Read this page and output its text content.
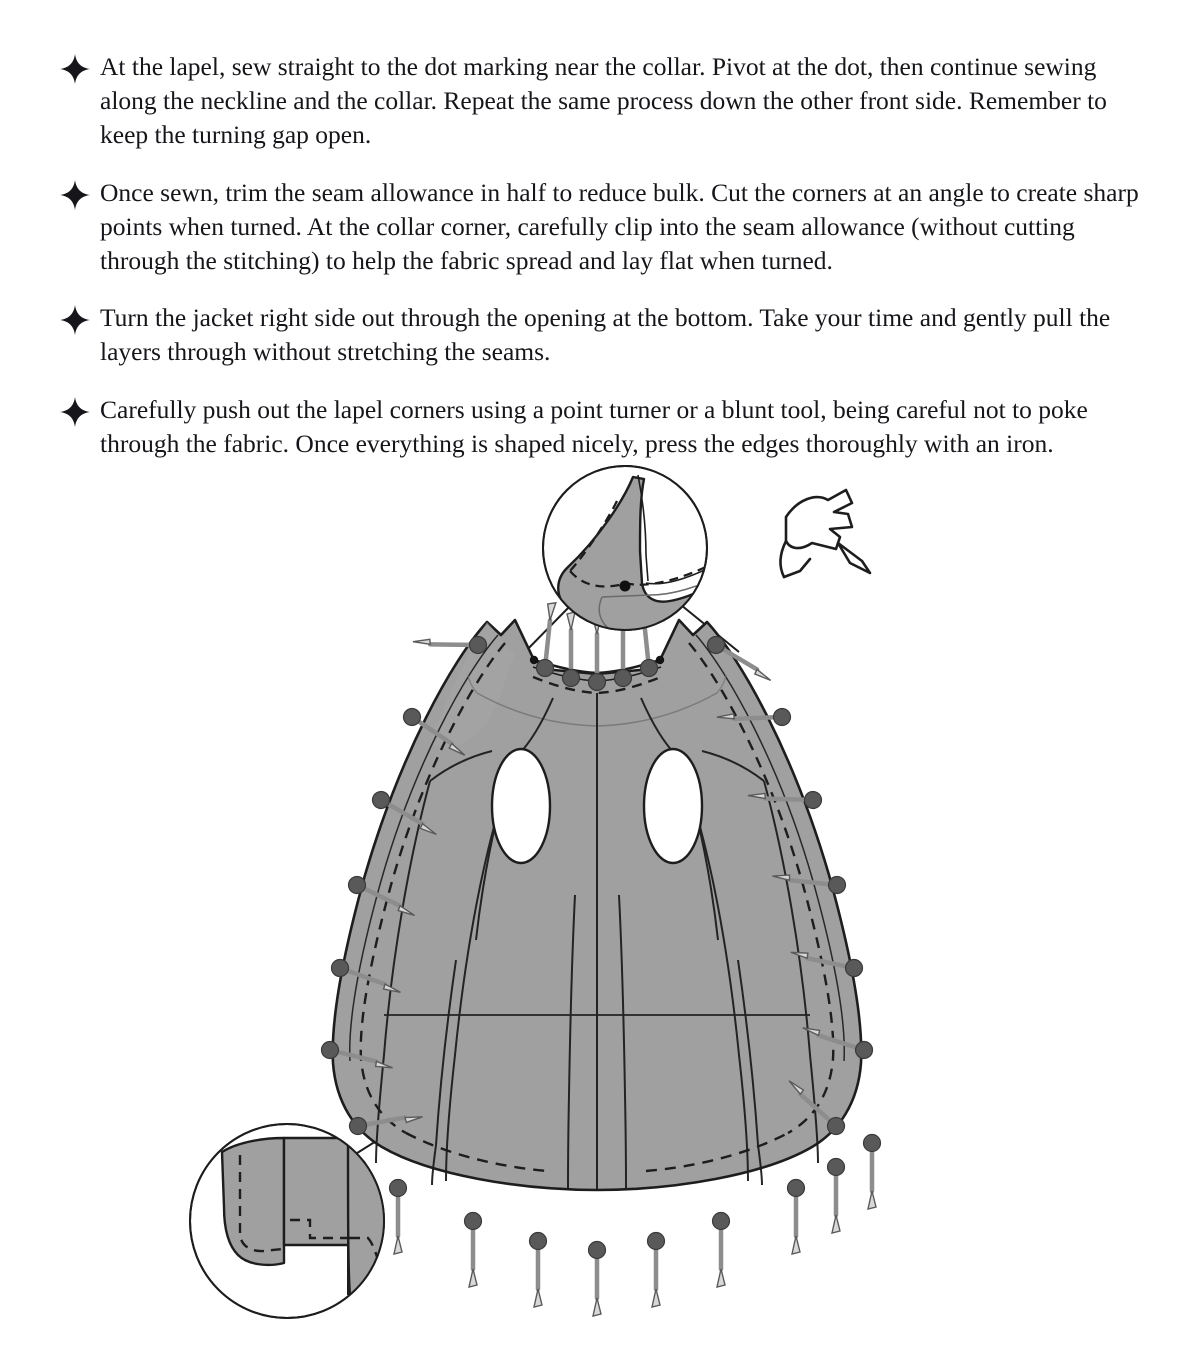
At the lapel, sew straight to the dot marking near the collar. Pivot at the dot, then continue sewing along the neckline and the collar. Repeat the same process down the other front side. Remember to keep the turning gap open.
Once sewn, trim the seam allowance in half to reduce bulk. Cut the corners at an angle to create sharp points when turned. At the collar corner, carefully clip into the seam allowance (without cutting through the stitching) to help the fabric spread and lay flat when turned.
Turn the jacket right side out through the opening at the bottom. Take your time and gently pull the layers through without stretching the seams.
Carefully push out the lapel corners using a point turner or a blunt tool, being careful not to poke through the fabric. Once everything is shaped nicely, press the edges thoroughly with an iron.
